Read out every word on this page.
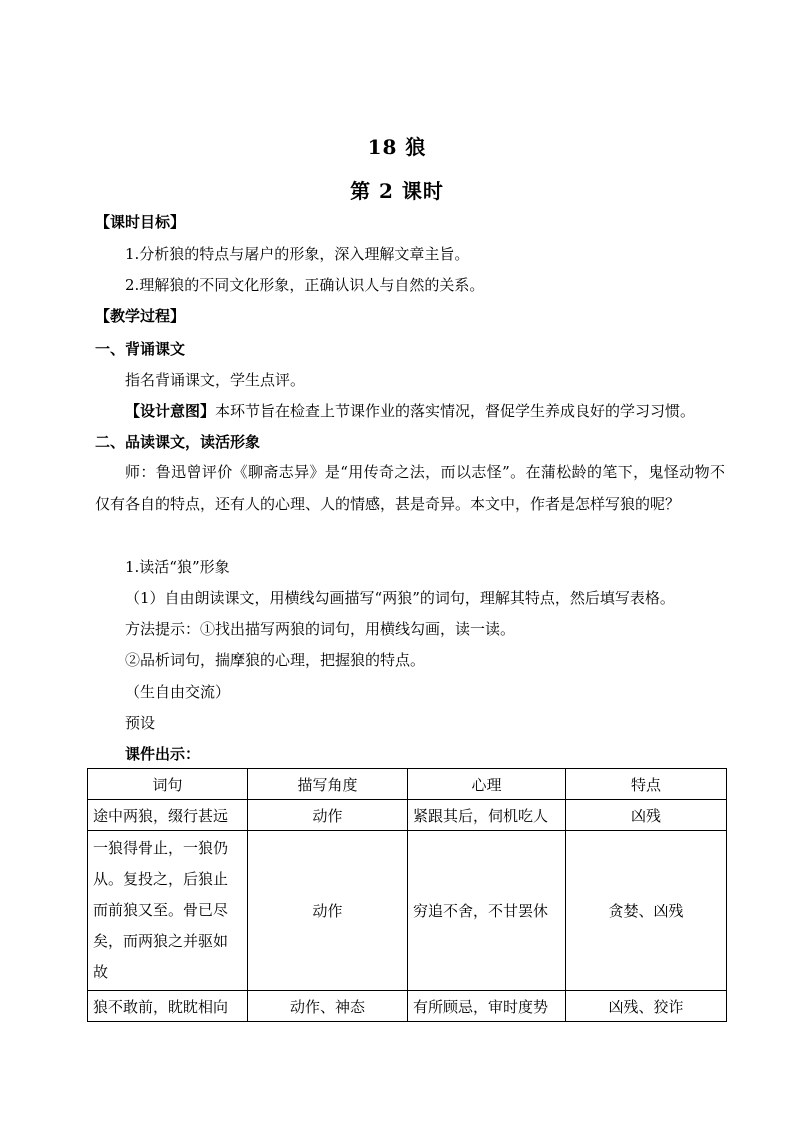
18 狼
第 2 课时
【课时目标】
1.分析狼的特点与屠户的形象，深入理解文章主旨。
2.理解狼的不同文化形象，正确认识人与自然的关系。
【教学过程】
一、背诵课文
指名背诵课文，学生点评。
【设计意图】本环节旨在检查上节课作业的落实情况，督促学生养成良好的学习习惯。
二、品读课文，读活形象
师：鲁迅曾评价《聊斋志异》是“用传奇之法，而以志怪”。在蒲松龄的笔下，鬼怪动物不仅有各自的特点，还有人的心理、人的情感，甚是奇异。本文中，作者是怎样写狼的呢？
1.读活“狼”形象
（1）自由朗读课文，用横线勾画描写“两狼”的词句，理解其特点，然后填写表格。
方法提示：①找出描写两狼的词句，用横线勾画，读一读。
②品析词句，揣摩狼的心理，把握狼的特点。
（生自由交流）
预设
课件出示：
词句	描写角度	心理	特点
途中两狼，缀行甚远	动作	紧跟其后，伺机吃人	凶残
一狼得骨止，一狼仍从。复投之，后狼止而前狼又至。骨已尽矣，而两狼之并驱如故	动作	穷追不舍，不甘罢休	贪婪、凶残
狼不敢前，眈眈相向	动作、神态	有所顾忌，审时度势	凶残、狡诈
